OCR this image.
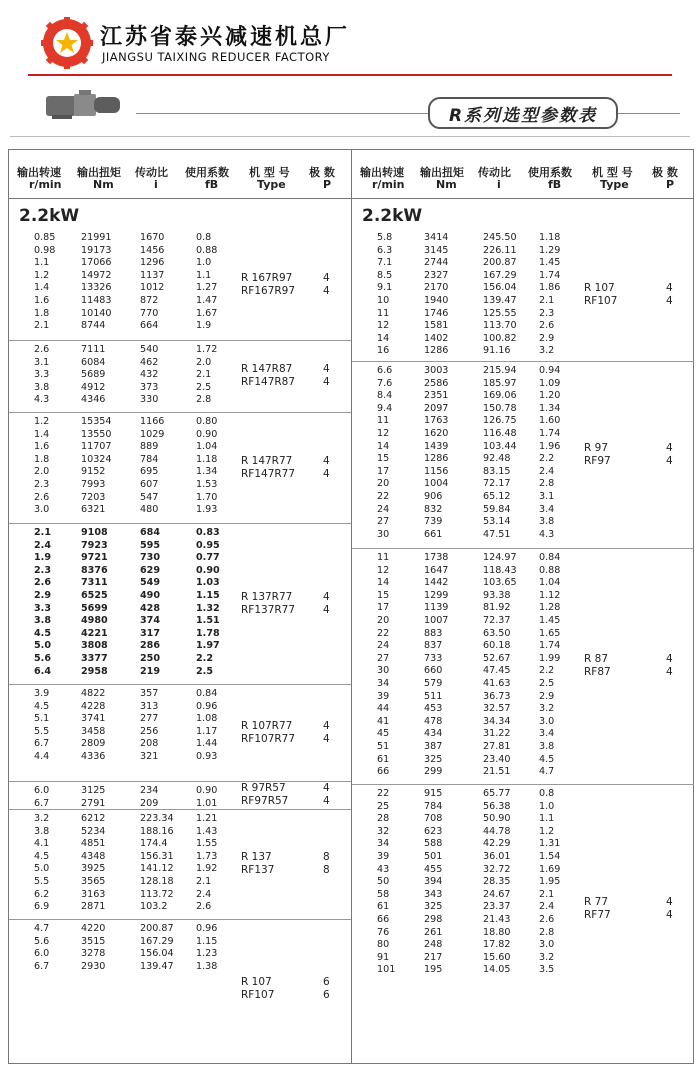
江苏省泰兴减速机总厂
JIANGSU TAIXING REDUCER FACTORY
R系列选型参数表
输出转速
r/min
输出扭矩
Nm
传动比
i
使用系数
fB
机 型 号
Type
极 数
P
2.2kW
0.85	21991	1670	0.8
0.98	19173	1456	0.88
1.1	17066	1296	1.0
1.2	14972	1137	1.1
1.4	13326	1012	1.27
1.6	11483	872	1.47
1.8	10140	770	1.67
2.1	8744	664	1.9
R 167R97
RF167R97
4
4
2.6	7111	540	1.72
3.1	6084	462	2.0
3.3	5689	432	2.1
3.8	4912	373	2.5
4.3	4346	330	2.8
R 147R87
RF147R87
4
4
1.2	15354	1166	0.80
1.4	13550	1029	0.90
1.6	11707	889	1.04
1.8	10324	784	1.18
2.0	9152	695	1.34
2.3	7993	607	1.53
2.6	7203	547	1.70
3.0	6321	480	1.93
R 147R77
RF147R77
4
4
2.1	9108	684	0.83
2.4	7923	595	0.95
1.9	9721	730	0.77
2.3	8376	629	0.90
2.6	7311	549	1.03
2.9	6525	490	1.15
3.3	5699	428	1.32
3.8	4980	374	1.51
4.5	4221	317	1.78
5.0	3808	286	1.97
5.6	3377	250	2.2
6.4	2958	219	2.5
R 137R77
RF137R77
4
4
3.9	4822	357	0.84
4.5	4228	313	0.96
5.1	3741	277	1.08
5.5	3458	256	1.17
6.7	2809	208	1.44
4.4	4336	321	0.93
R 107R77
RF107R77
4
4
6.0	3125	234	0.90
6.7	2791	209	1.01
R 97R57
RF97R57
4
4
3.2	6212	223.34 1.21
3.8	5234	188.16 1.43
4.1	4851	174.4	1.55
4.5	4348	156.31 1.73
5.0	3925	141.12 1.92
5.5	3565	128.18 2.1
6.2	3163	113.72 2.4
6.9	2871	103.2	2.6
R 137
RF137
8
8
4.7	4220	200.87 0.96
5.6	3515	167.29 1.15
6.0	3278	156.04 1.23
6.7	2930	139.47 1.38
R 107
RF107
6
6
输出转速
r/min
输出扭矩
Nm
传动比
i
使用系数
fB
机 型 号
Type
极 数
P
2.2kW
5.8	3414	245.50 1.18
6.3	3145	226.11 1.29
7.1	2744	200.87 1.45
8.5	2327	167.29 1.74
9.1	2170	156.04 1.86
10	1940	139.47 2.1
11	1746	125.55 2.3
12	1581	113.70 2.6
14	1402	100.82 2.9
16	1286	91.16	3.2
R 107
RF107
4
4
6.6	3003	215.94 0.94
7.6	2586	185.97 1.09
8.4	2351	169.06 1.20
9.4	2097	150.78 1.34
11	1763	126.75 1.60
12	1620	116.48 1.74
14	1439	103.44 1.96
15	1286	92.48	2.2
17	1156	83.15	2.4
20	1004	72.17	2.8
22	906	65.12	3.1
24	832	59.84	3.4
27	739	53.14	3.8
30	661	47.51	4.3
R 97
RF97
4
4
11	1738	124.97 0.84
12	1647	118.43 0.88
14	1442	103.65 1.04
15	1299	93.38	1.12
17	1139	81.92	1.28
20	1007	72.37	1.45
22	883	63.50	1.65
24	837	60.18	1.74
27	733	52.67	1.99
30	660	47.45	2.2
34	579	41.63	2.5
39	511	36.73	2.9
44	453	32.57	3.2
41	478	34.34	3.0
45	434	31.22	3.4
51	387	27.81	3.8
61	325	23.40	4.5
66	299	21.51	4.7
R 87
RF87
4
4
22	915	65.77	0.8
25	784	56.38	1.0
28	708	50.90	1.1
32	623	44.78	1.2
34	588	42.29	1.31
39	501	36.01	1.54
43	455	32.72	1.69
50	394	28.35	1.95
58	343	24.67	2.1
61	325	23.37	2.4
66	298	21.43	2.6
76	261	18.80	2.8
80	248	17.82	3.0
91	217	15.60	3.2
101	195	14.05	3.5
R 77
RF77
4
4
